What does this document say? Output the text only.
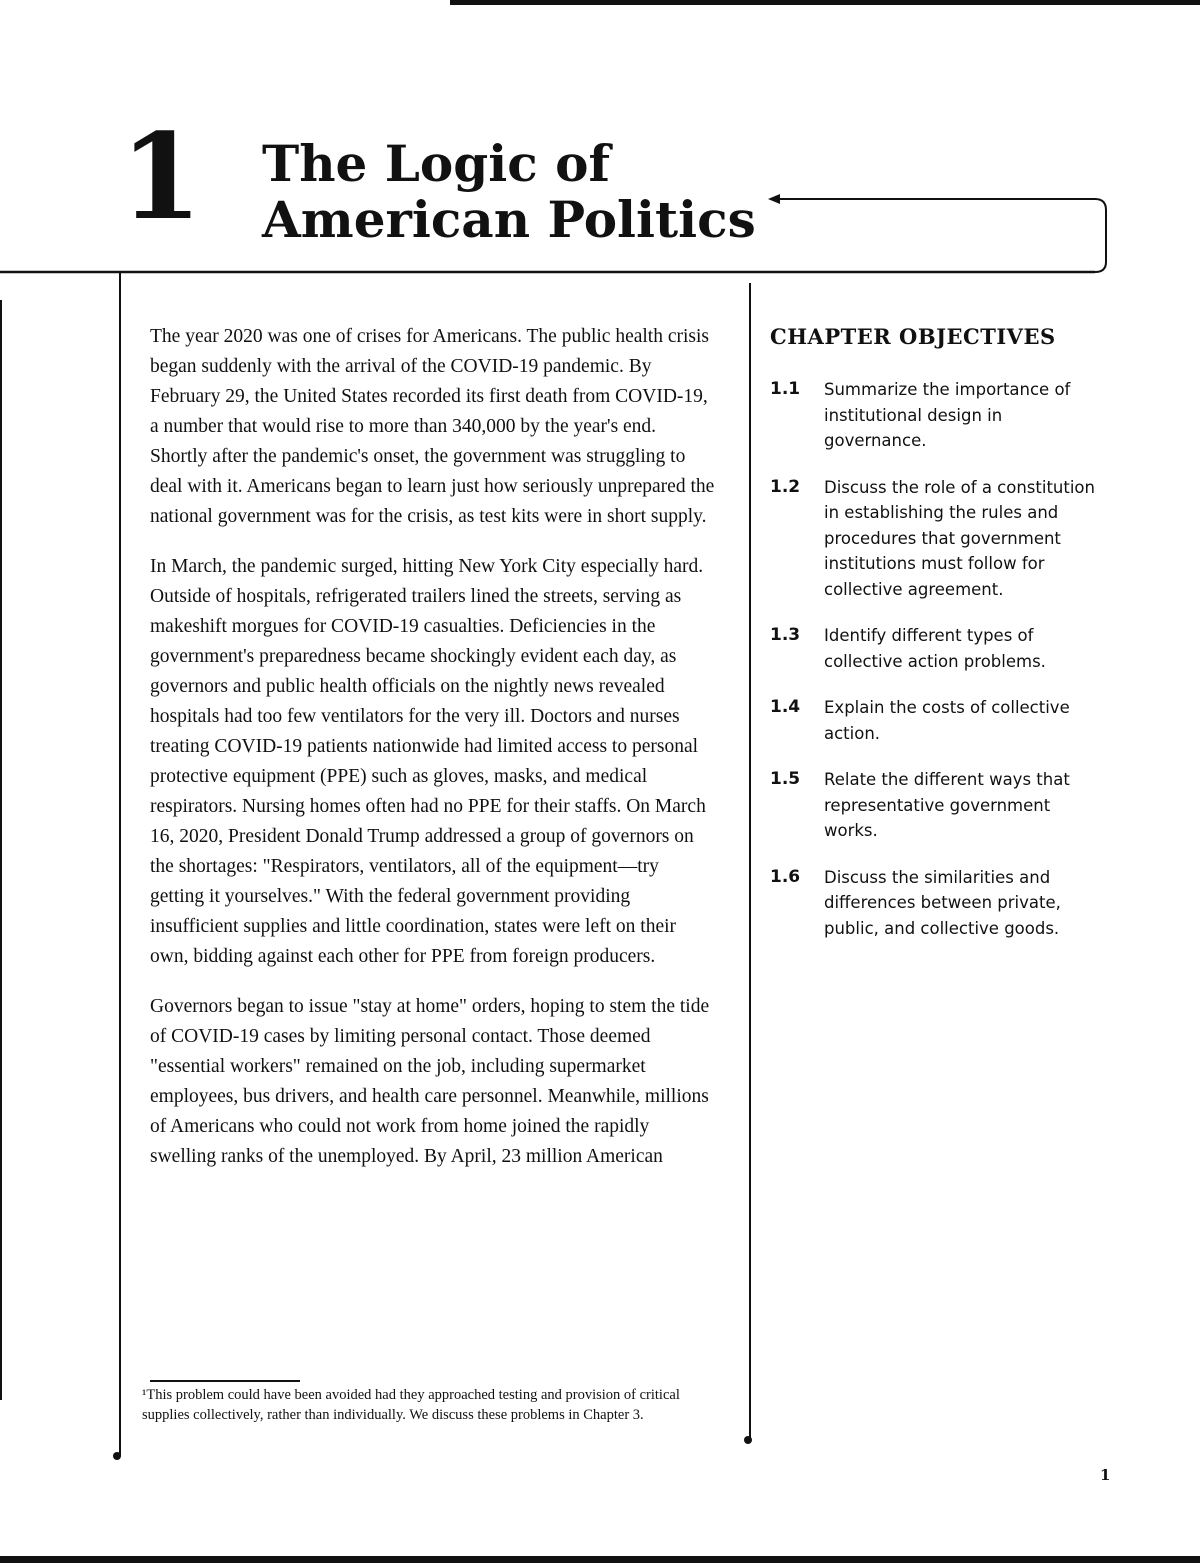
1 The Logic of
American Politics

The year 2020 was one of crises for Americans. The public health crisis began suddenly with the arrival of the COVID-19 pandemic. By February 29, the United States recorded its first death from COVID-19, a number that would rise to more than 340,000 by the year's end. Shortly after the pandemic's onset, the government was struggling to deal with it. Americans began to learn just how seriously unprepared the national government was for the crisis, as test kits were in short supply.

In March, the pandemic surged, hitting New York City especially hard. Outside of hospitals, refrigerated trailers lined the streets, serving as makeshift morgues for COVID-19 casualties. Deficiencies in the government's preparedness became shockingly evident each day, as governors and public health officials on the nightly news revealed hospitals had too few ventilators for the very ill. Doctors and nurses treating COVID-19 patients nationwide had limited access to personal protective equipment (PPE) such as gloves, masks, and medical respirators. Nursing homes often had no PPE for their staffs. On March 16, 2020, President Donald Trump addressed a group of governors on the shortages: "Respirators, ventilators, all of the equipment—try getting it yourselves." With the federal government providing insufficient supplies and little coordination, states were left on their own, bidding against each other for PPE from foreign producers.

Governors began to issue "stay at home" orders, hoping to stem the tide of COVID-19 cases by limiting personal contact. Those deemed "essential workers" remained on the job, including supermarket employees, bus drivers, and health care personnel. Meanwhile, millions of Americans who could not work from home joined the rapidly swelling ranks of the unemployed. By April, 23 million American

¹This problem could have been avoided had they approached testing and provision of critical supplies collectively, rather than individually. We discuss these problems in Chapter 3.

CHAPTER OBJECTIVES
1.1	Summarize the importance of institutional design in governance.
1.2	Discuss the role of a constitution in establishing the rules and procedures that government institutions must follow for collective agreement.
1.3	Identify different types of collective action problems.
1.4	Explain the costs of collective action.
1.5	Relate the different ways that representative government works.
1.6	Discuss the similarities and differences between private, public, and collective goods.
1
